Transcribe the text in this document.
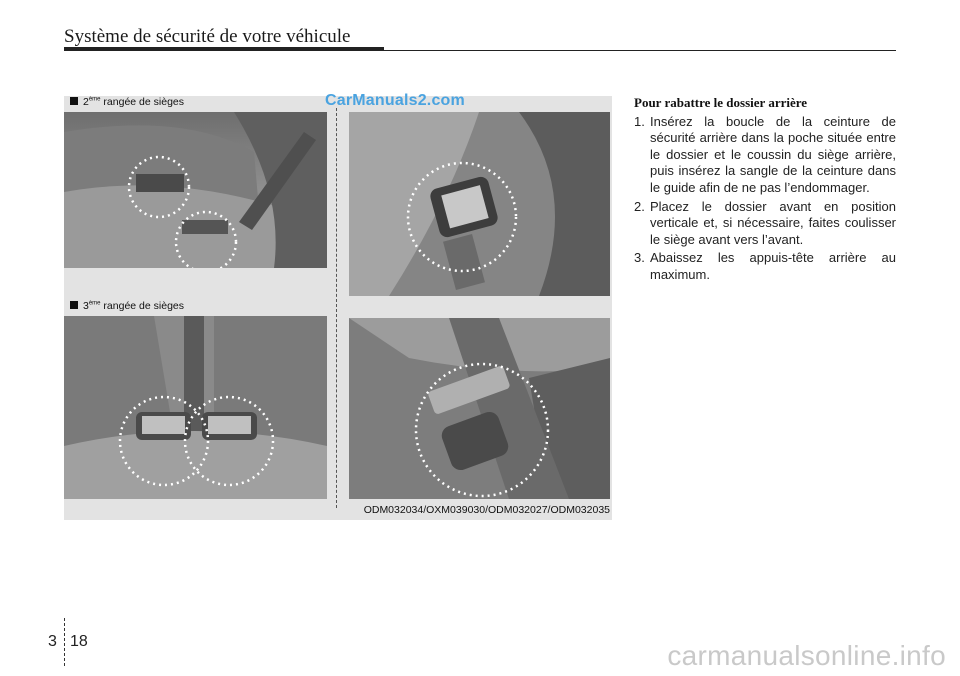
Système de sécurité de votre véhicule
2ème rangée de sièges
3ème rangée de sièges
CarManuals2.com
ODM032034/OXM039030/ODM032027/ODM032035
Pour rabattre le dossier arrière
1. Insérez la boucle de la ceinture de sécurité arrière dans la poche située entre le dossier et le coussin du siège arrière, puis insérez la sangle de la ceinture dans le guide afin de ne pas l’endommager.
2. Placez le dossier avant en position verticale et, si nécessaire, faites coulisser le siège avant vers l’avant.
3. Abaissez les appuis-tête arrière au maximum.
3 18	carmanualsonline.info
